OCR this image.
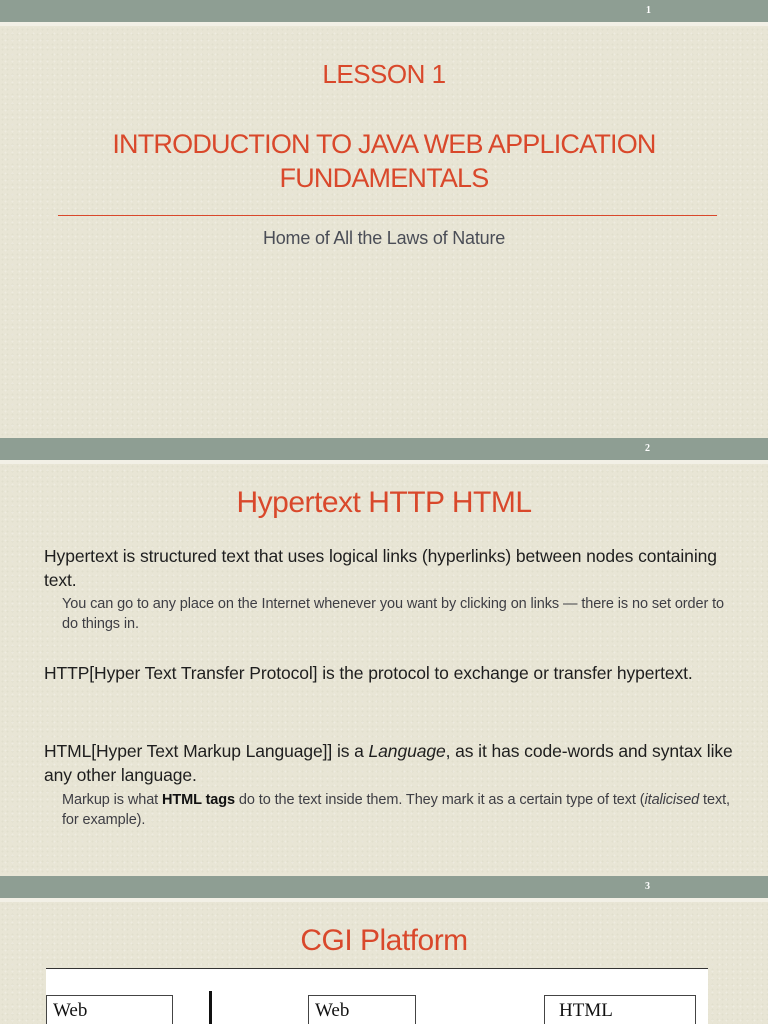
1
LESSON 1
INTRODUCTION TO JAVA WEB APPLICATION FUNDAMENTALS
Home of All the Laws of Nature
2
Hypertext HTTP HTML
Hypertext is structured text that uses logical links (hyperlinks) between nodes containing text.
You can go to any place on the Internet whenever you want by clicking on links — there is no set order to do things in.
HTTP[Hyper Text Transfer Protocol] is the protocol to exchange or transfer hypertext.
HTML[Hyper Text Markup Language]] is a Language, as it has code-words and syntax like any other language.
Markup is what HTML tags do to the text inside them. They mark it as a certain type of text (italicised text, for example).
3
CGI Platform
Web	Web	HTML
